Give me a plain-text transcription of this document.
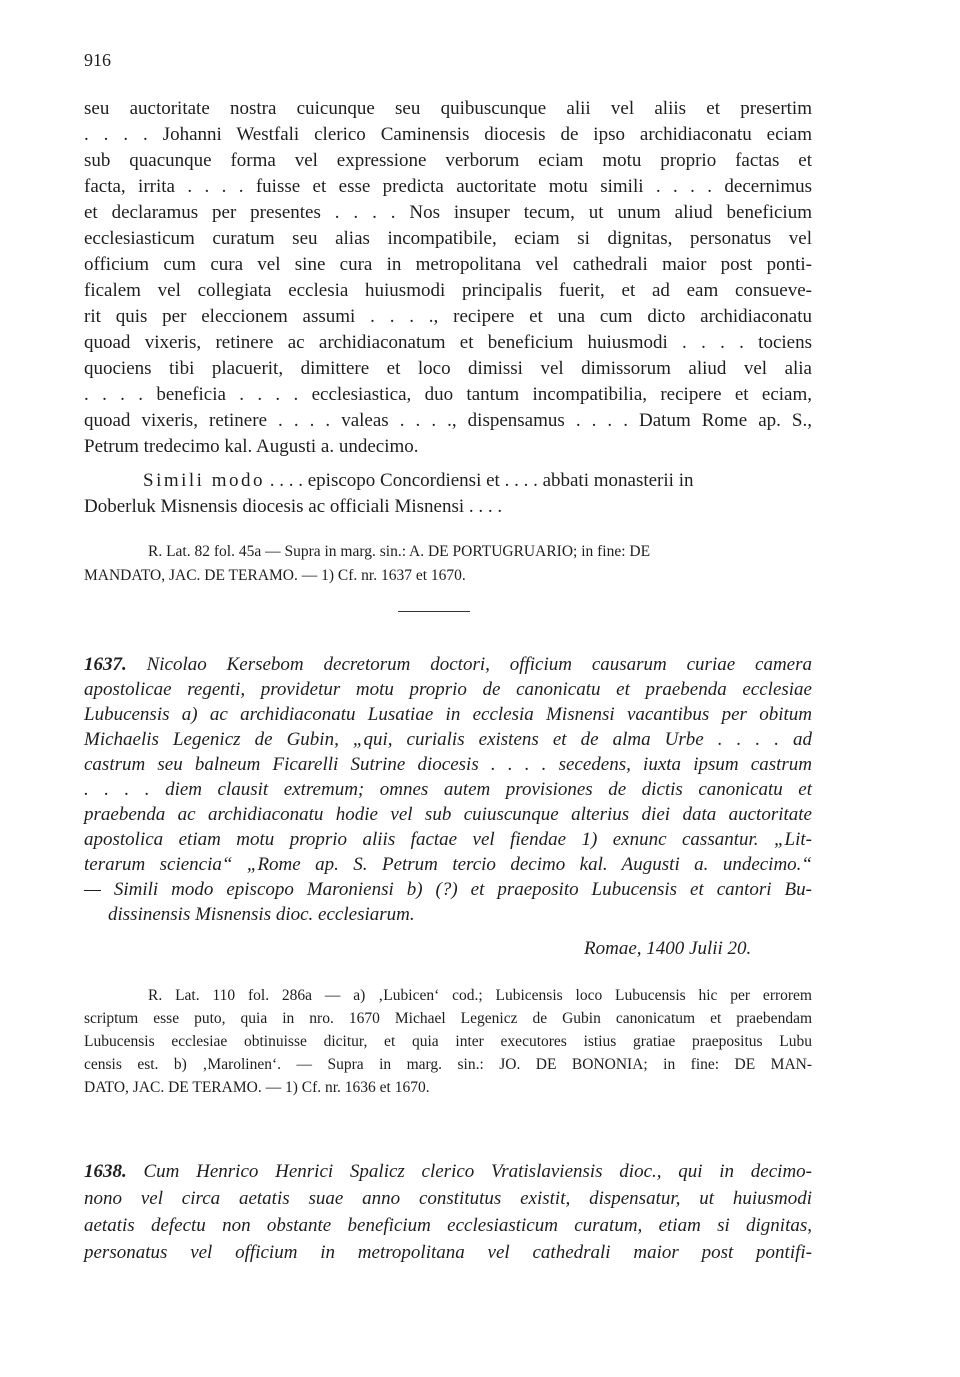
916
seu auctoritate nostra cuicunque seu quibuscunque alii vel aliis et presertim
. . . . Johanni Westfali clerico Caminensis diocesis de ipso archidiaconatu eciam
sub quacunque forma vel expressione verborum eciam motu proprio factas et
facta, irrita . . . . fuisse et esse predicta auctoritate motu simili . . . . decernimus
et declaramus per presentes . . . . Nos insuper tecum, ut unum aliud beneficium
ecclesiasticum curatum seu alias incompatibile, eciam si dignitas, personatus vel
officium cum cura vel sine cura in metropolitana vel cathedrali maior post ponti-
ficalem vel collegiata ecclesia huiusmodi principalis fuerit, et ad eam consueve-
rit quis per eleccionem assumi . . . ., recipere et una cum dicto archidiaconatu
quoad vixeris, retinere ac archidiaconatum et beneficium huiusmodi . . . . tociens
quociens tibi placuerit, dimittere et loco dimissi vel dimissorum aliud vel alia
. . . . beneficia . . . . ecclesiastica, duo tantum incompatibilia, recipere et eciam,
quoad vixeris, retinere . . . . valeas . . . ., dispensamus . . . . Datum Rome ap. S.,
Petrum tredecimo kal. Augusti a. undecimo.
Simili modo . . . . episcopo Concordiensi et . . . . abbati monasterii in
Doberluk Misnensis diocesis ac officiali Misnensi . . . .
R. Lat. 82 fol. 45a — Supra in marg. sin.: A. DE PORTUGRUARIO; in fine: DE
MANDATO, JAC. DE TERAMO. — 1) Cf. nr. 1637 et 1670.
1637. Nicolao Kersebom decretorum doctori, officium causarum curiae camera
apostolicae regenti, providetur motu proprio de canonicatu et praebenda ecclesiae
Lubucensis a) ac archidiaconatu Lusatiae in ecclesia Misnensi vacantibus per obitum
Michaelis Legenicz de Gubin, „qui, curialis existens et de alma Urbe . . . . ad
castrum seu balneum Ficarelli Sutrine diocesis . . . . secedens, iuxta ipsum castrum
. . . . diem clausit extremum; omnes autem provisiones de dictis canonicatu et
praebenda ac archidiaconatu hodie vel sub cuiuscunque alterius diei data auctoritate
apostolica etiam motu proprio aliis factae vel fiendae 1) exnunc cassantur. „Lit-
terarum sciencia“ „Rome ap. S. Petrum tercio decimo kal. Augusti a. undecimo.“
— Simili modo episcopo Maroniensi b) (?) et praeposito Lubucensis et cantori Bu-
dissinensis Misnensis dioc. ecclesiarum.
Romae, 1400 Julii 20.
R. Lat. 110 fol. 286a — a) ‚Lubicen‘ cod.; Lubicensis loco Lubucensis hic per errorem
scriptum esse puto, quia in nro. 1670 Michael Legenicz de Gubin canonicatum et praebendam
Lubucensis ecclesiae obtinuisse dicitur, et quia inter executores istius gratiae praepositus Lubu
censis est. b) ‚Marolinen‘. — Supra in marg. sin.: JO. DE BONONIA; in fine: DE MAN-
DATO, JAC. DE TERAMO. — 1) Cf. nr. 1636 et 1670.
1638. Cum Henrico Henrici Spalicz clerico Vratislaviensis dioc., qui in decimo-
nono vel circa aetatis suae anno constitutus existit, dispensatur, ut huiusmodi
aetatis defectu non obstante beneficium ecclesiasticum curatum, etiam si dignitas,
personatus vel officium in metropolitana vel cathedrali maior post pontifi-
